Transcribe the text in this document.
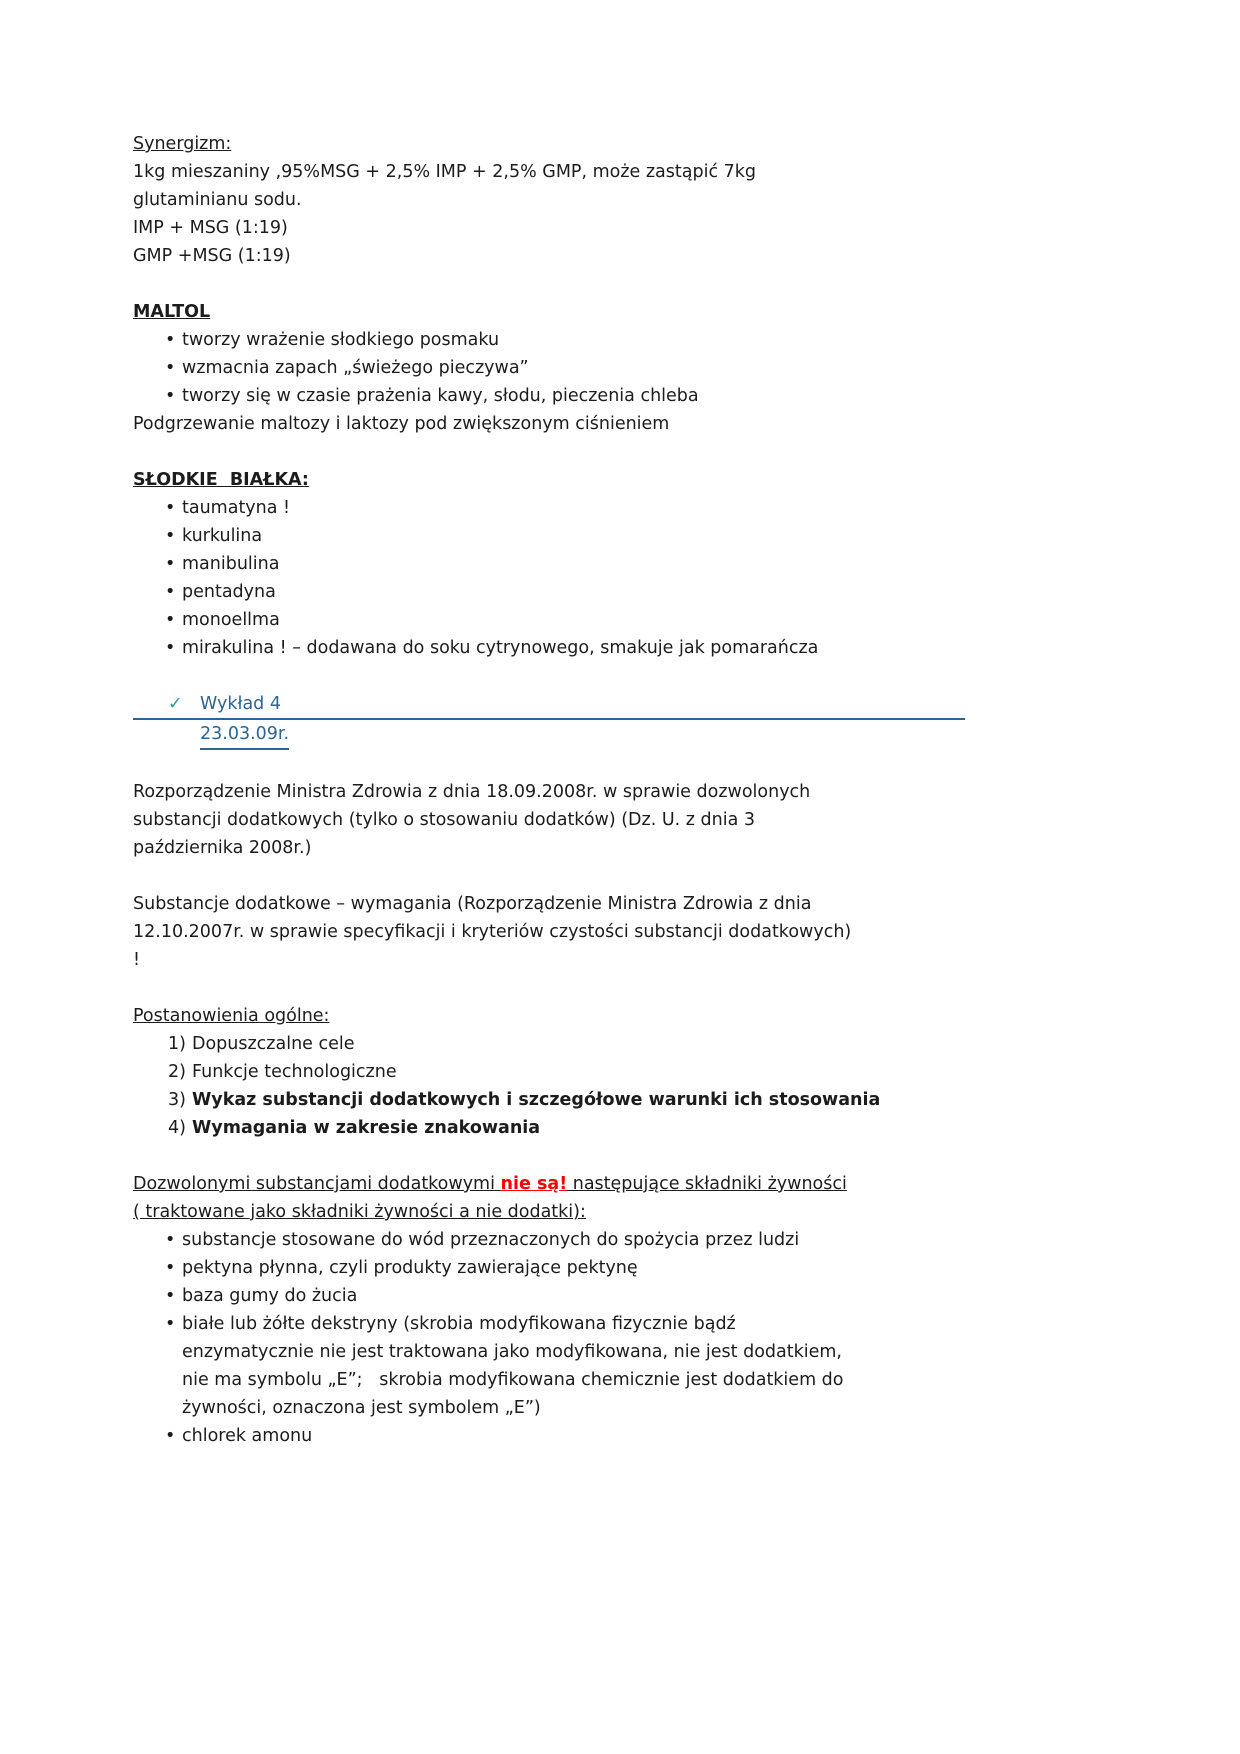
Synergizm:

1kg mieszaniny ,95%MSG + 2,5% IMP + 2,5% GMP, może zastąpić 7kg
glutaminianu sodu.
IMP + MSG (1:19)
GMP +MSG (1:19)

MALTOL

• tworzy wrażenie słodkiego posmaku
• wzmacnia zapach „świeżego pieczywa”
• tworzy się w czasie prażenia kawy, słodu, pieczenia chleba

Podgrzewanie maltozy i laktozy pod zwiększonym ciśnieniem

SŁODKIE  BIAŁKA:

• taumatyna !
• kurkulina
• manibulina
• pentadyna
• monoellma
• mirakulina ! – dodawana do soku cytrynowego, smakuje jak pomarańcza
✓ Wykład 4
23.03.09r.
Rozporządzenie Ministra Zdrowia z dnia 18.09.2008r. w sprawie dozwolonych
substancji dodatkowych (tylko o stosowaniu dodatków) (Dz. U. z dnia 3
października 2008r.)
Substancje dodatkowe – wymagania (Rozporządzenie Ministra Zdrowia z dnia
12.10.2007r. w sprawie specyfikacji i kryteriów czystości substancji dodatkowych)
!

Postanowienia ogólne:

1) Dopuszczalne cele
2) Funkcje technologiczne
3) Wykaz substancji dodatkowych i szczegółowe warunki ich stosowania
4) Wymagania w zakresie znakowania
Dozwolonymi substancjami dodatkowymi nie są! następujące składniki żywności
( traktowane jako składniki żywności a nie dodatki):
• substancje stosowane do wód przeznaczonych do spożycia przez ludzi
• pektyna płynna, czyli produkty zawierające pektynę
• baza gumy do żucia
• białe lub żółte dekstryny (skrobia modyfikowana fizycznie bądź
enzymatycznie nie jest traktowana jako modyfikowana, nie jest dodatkiem,
nie ma symbolu „E”;   skrobia modyfikowana chemicznie jest dodatkiem do
żywności, oznaczona jest symbolem „E”)
• chlorek amonu
